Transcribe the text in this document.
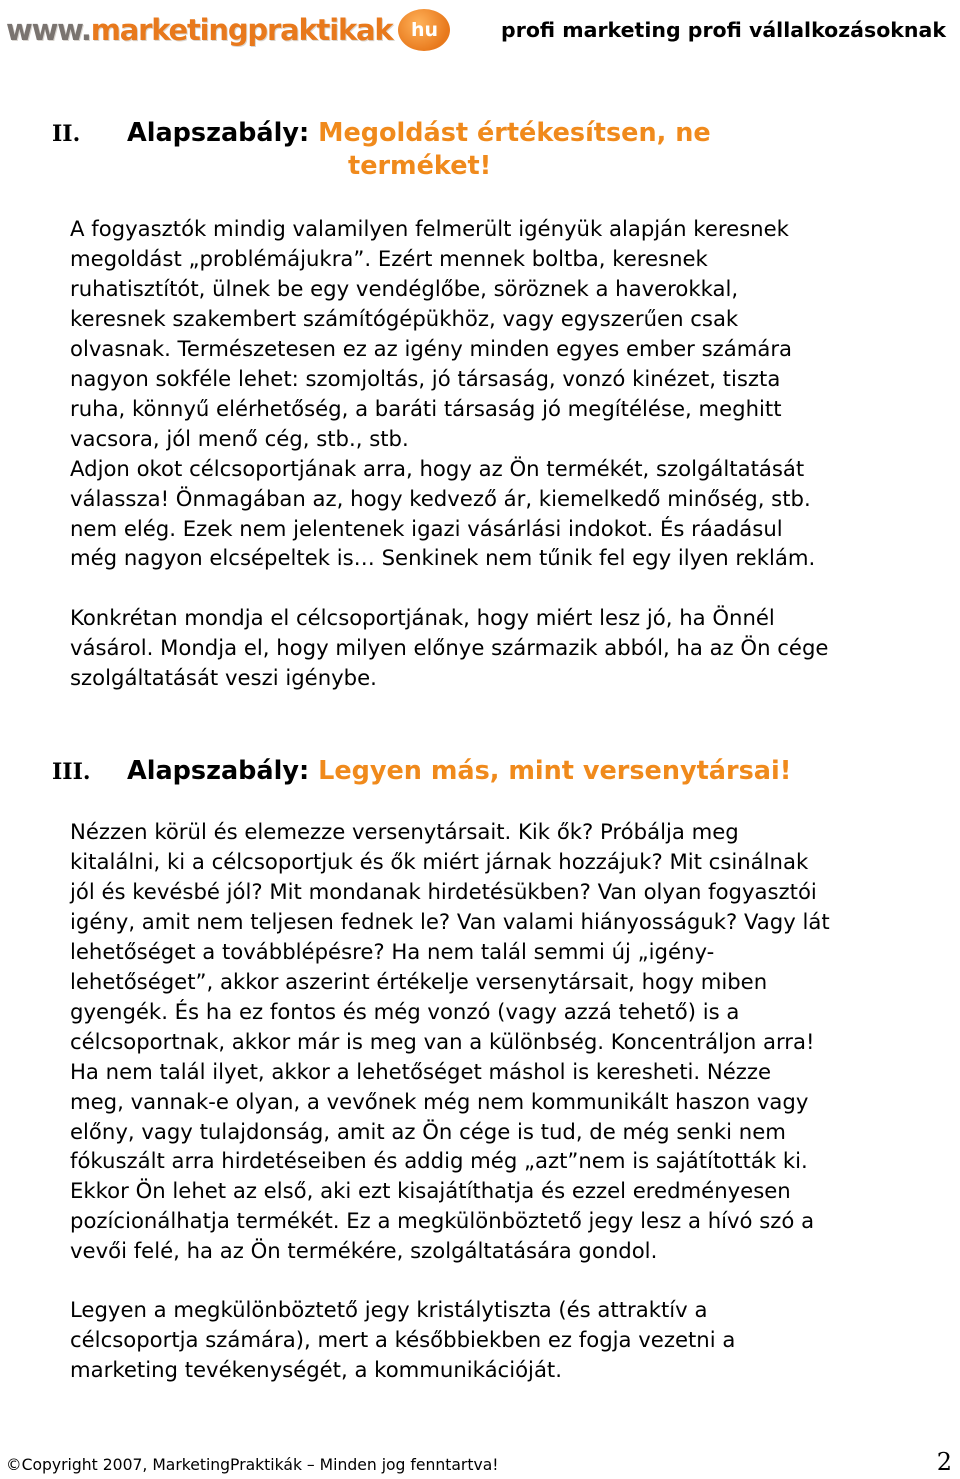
www.marketingpraktikak hu	profi marketing profi vállalkozásoknak
II. Alapszabály: Megoldást értékesítsen, ne
terméket!
A fogyasztók mindig valamilyen felmerült igényük alapján keresnek
megoldást „problémájukra”. Ezért mennek boltba, keresnek
ruhatisztítót, ülnek be egy vendéglőbe, söröznek a haverokkal,
keresnek szakembert számítógépükhöz, vagy egyszerűen csak
olvasnak. Természetesen ez az igény minden egyes ember számára
nagyon sokféle lehet: szomjoltás, jó társaság, vonzó kinézet, tiszta
ruha, könnyű elérhetőség, a baráti társaság jó megítélése, meghitt
vacsora, jól menő cég, stb., stb.
Adjon okot célcsoportjának arra, hogy az Ön termékét, szolgáltatását
válassza! Önmagában az, hogy kedvező ár, kiemelkedő minőség, stb.
nem elég. Ezek nem jelentenek igazi vásárlási indokot. És ráadásul
még nagyon elcsépeltek is… Senkinek nem tűnik fel egy ilyen reklám.
Konkrétan mondja el célcsoportjának, hogy miért lesz jó, ha Önnél
vásárol. Mondja el, hogy milyen előnye származik abból, ha az Ön cége
szolgáltatását veszi igénybe.
III. Alapszabály: Legyen más, mint versenytársai!
Nézzen körül és elemezze versenytársait. Kik ők? Próbálja meg
kitalálni, ki a célcsoportjuk és ők miért járnak hozzájuk? Mit csinálnak
jól és kevésbé jól? Mit mondanak hirdetésükben? Van olyan fogyasztói
igény, amit nem teljesen fednek le? Van valami hiányosságuk? Vagy lát
lehetőséget a továbblépésre? Ha nem talál semmi új „igény-
lehetőséget”, akkor aszerint értékelje versenytársait, hogy miben
gyengék. És ha ez fontos és még vonzó (vagy azzá tehető) is a
célcsoportnak, akkor már is meg van a különbség. Koncentráljon arra!
Ha nem talál ilyet, akkor a lehetőséget máshol is keresheti. Nézze
meg, vannak-e olyan, a vevőnek még nem kommunikált haszon vagy
előny, vagy tulajdonság, amit az Ön cége is tud, de még senki nem
fókuszált arra hirdetéseiben és addig még „azt”nem is sajátították ki.
Ekkor Ön lehet az első, aki ezt kisajátíthatja és ezzel eredményesen
pozícionálhatja termékét. Ez a megkülönböztető jegy lesz a hívó szó a
vevői felé, ha az Ön termékére, szolgáltatására gondol.
Legyen a megkülönböztető jegy kristálytiszta (és attraktív a
célcsoportja számára), mert a későbbiekben ez fogja vezetni a
marketing tevékenységét, a kommunikációját.
©Copyright 2007, MarketingPraktikák – Minden jog fenntartva!	2
